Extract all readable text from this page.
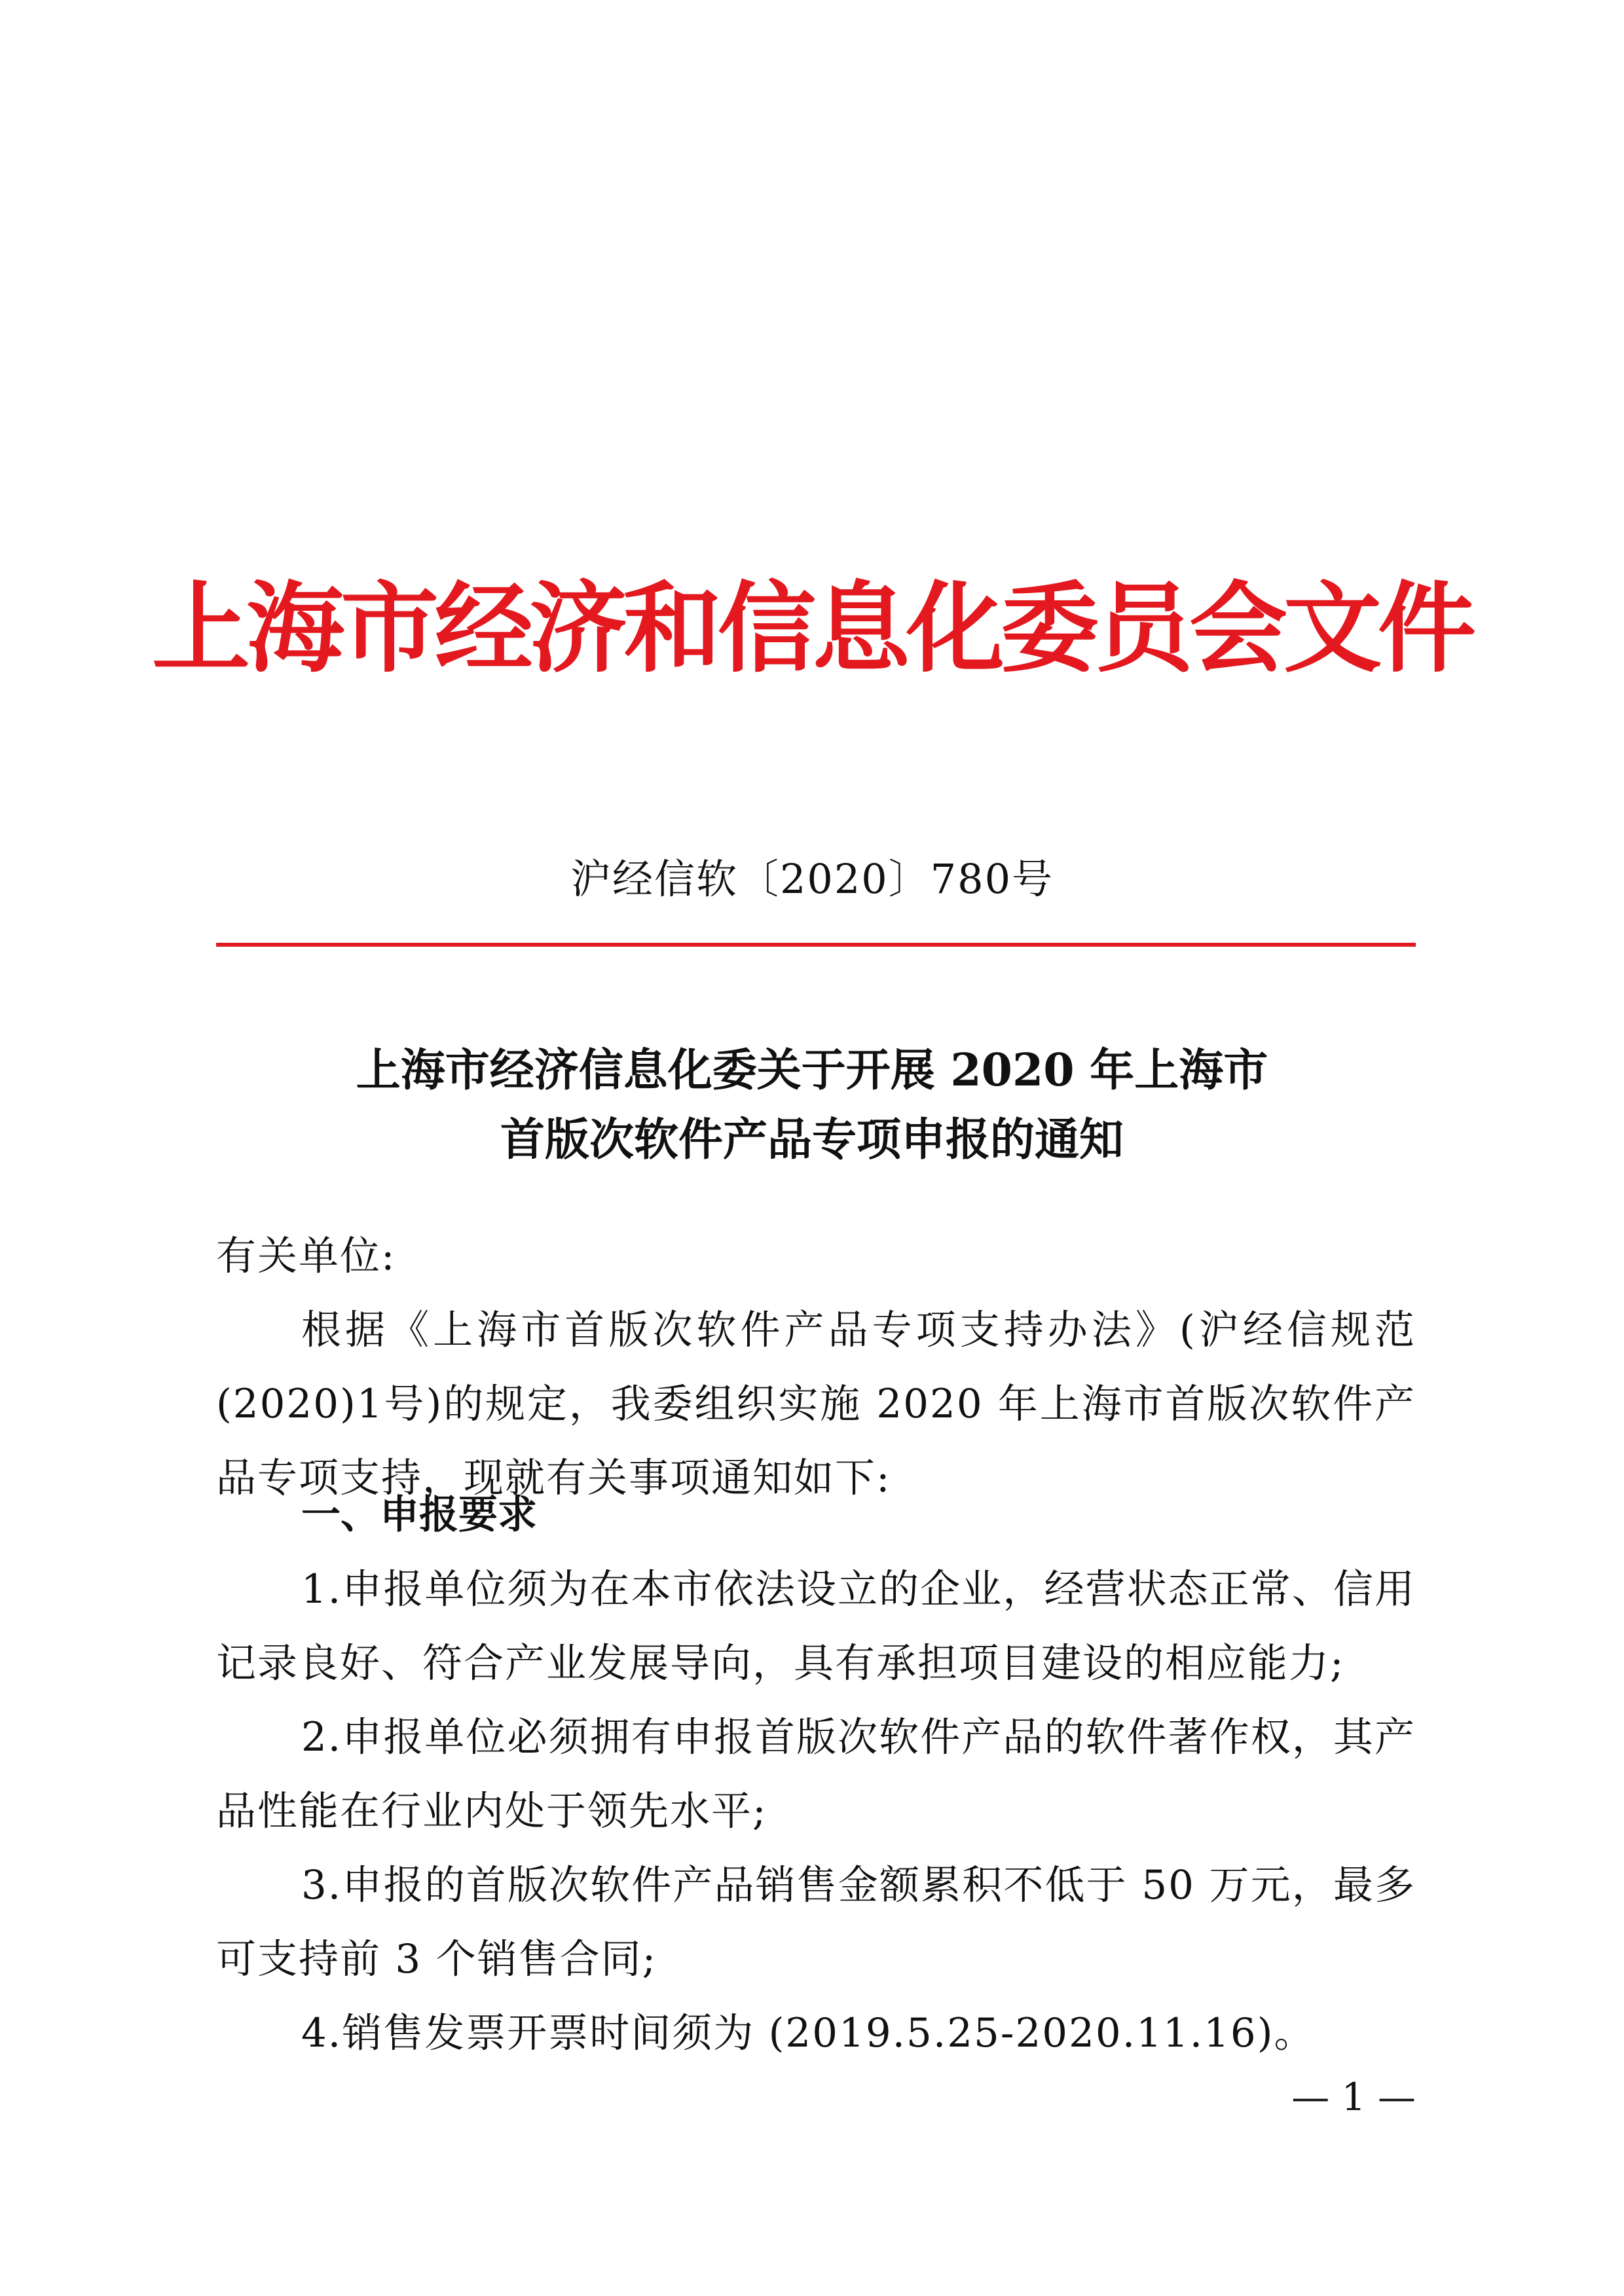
上海市经济和信息化委员会文件
沪经信软〔2020〕780号
上海市经济信息化委关于开展 2020 年上海市
首版次软件产品专项申报的通知
有关单位:
根据《上海市首版次软件产品专项支持办法》(沪经信规范(2020)1号)的规定，我委组织实施 2020 年上海市首版次软件产品专项支持，现就有关事项通知如下:
一、申报要求
1.申报单位须为在本市依法设立的企业，经营状态正常、信用记录良好、符合产业发展导向，具有承担项目建设的相应能力;
2.申报单位必须拥有申报首版次软件产品的软件著作权，其产品性能在行业内处于领先水平;
3.申报的首版次软件产品销售金额累积不低于 50 万元，最多可支持前 3 个销售合同;
4.销售发票开票时间须为 (2019.5.25-2020.11.16)。
— 1 —
